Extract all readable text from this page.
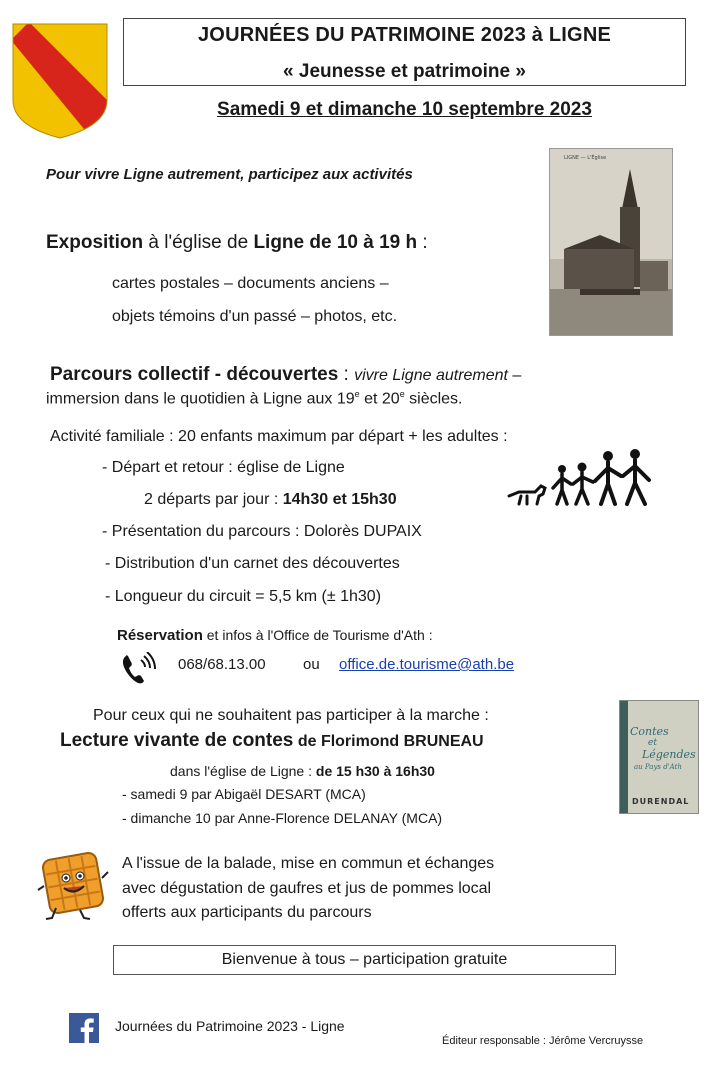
JOURNÉES DU PATRIMOINE 2023 à LIGNE
« Jeunesse et patrimoine »
Samedi 9 et dimanche 10 septembre 2023
Pour vivre Ligne autrement, participez aux activités
LIGNE — L'Église
Exposition à l'église de Ligne de 10 à 19 h :
cartes postales – documents anciens –
objets témoins d'un passé – photos, etc.
Parcours collectif - découvertes : vivre Ligne autrement –
immersion dans le quotidien à Ligne aux 19e et 20e siècles.
Activité familiale : 20 enfants maximum par départ + les adultes :
- Départ et retour : église de Ligne
2 départs par jour : 14h30 et 15h30
- Présentation du parcours : Dolorès DUPAIX
- Distribution d'un carnet des découvertes
- Longueur du circuit = 5,5 km (± 1h30)
Réservation et infos à l'Office de Tourisme d'Ath :
068/68.13.00 ou office.de.tourisme@ath.be
Pour ceux qui ne souhaitent pas participer à la marche :
Lecture vivante de contes de Florimond BRUNEAU
dans l'église de Ligne : de 15 h30 à 16h30
- samedi 9 par Abigaël DESART (MCA)
- dimanche 10 par Anne-Florence DELANAY (MCA)
Contes
et
Légendes
au Pays d'Ath
DURENDAL
A l'issue de la balade, mise en commun et échanges
avec dégustation de gaufres et jus de pommes local
offerts aux participants du parcours
Bienvenue à tous – participation gratuite
Journées du Patrimoine 2023 - Ligne
Éditeur responsable : Jérôme Vercruysse
